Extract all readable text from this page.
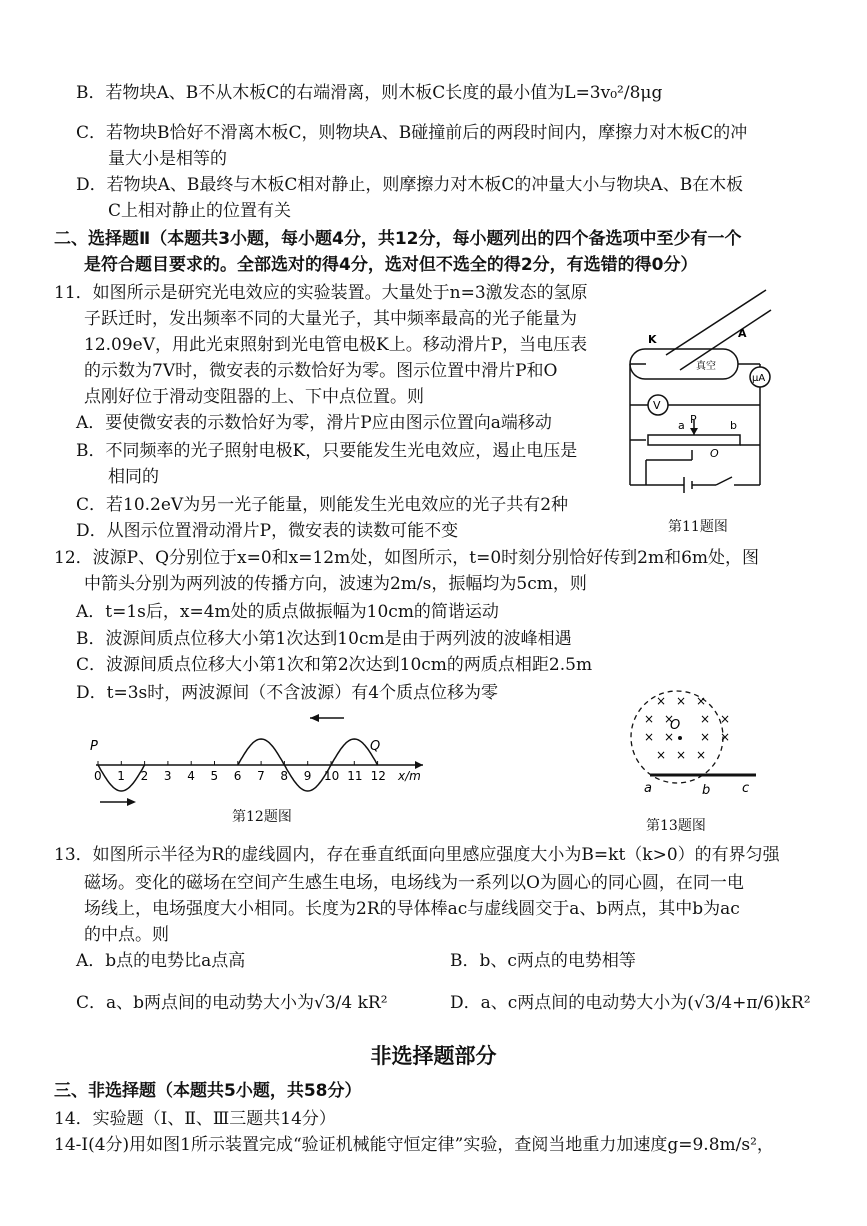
B．若物块A、B不从木板C的右端滑离，则木板C长度的最小值为L=3v₀²/8μg
C．若物块B恰好不滑离木板C，则物块A、B碰撞前后的两段时间内，摩擦力对木板C的冲
量大小是相等的
D．若物块A、B最终与木板C相对静止，则摩擦力对木板C的冲量大小与物块A、B在木板
C上相对静止的位置有关
二、选择题Ⅱ（本题共3小题，每小题4分，共12分，每小题列出的四个备选项中至少有一个
是符合题目要求的。全部选对的得4分，选对但不选全的得2分，有选错的得0分）
11．如图所示是研究光电效应的实验装置。大量处于n=3激发态的氢原
子跃迁时，发出频率不同的大量光子，其中频率最高的光子能量为
12.09eV，用此光束照射到光电管电极K上。移动滑片P，当电压表
的示数为7V时，微安表的示数恰好为零。图示位置中滑片P和O
点刚好位于滑动变阻器的上、下中点位置。则
A．要使微安表的示数恰好为零，滑片P应由图示位置向a端移动
B．不同频率的光子照射电极K，只要能发生光电效应，遏止电压是
相同的
C．若10.2eV为另一光子能量，则能发生光电效应的光子共有2种
D．从图示位置滑动滑片P，微安表的读数可能不变
K	A
真空
μA
V
a P	b
O
第11题图
12．波源P、Q分别位于x=0和x=12m处，如图所示，t=0时刻分别恰好传到2m和6m处，图
中箭头分别为两列波的传播方向，波速为2m/s，振幅均为5cm，则
A．t=1s后，x=4m处的质点做振幅为10cm的简谐运动
B．波源间质点位移大小第1次达到10cm是由于两列波的波峰相遇
C．波源间质点位移大小第1次和第2次达到10cm的两质点相距2.5m
D．t=3s时，两波源间（不含波源）有4个质点位移为零
0 1 2 3 4 5 6 7 8 9 10 11 12
P	Q
x/m
第12题图
× × ×
× × × ×
× × × ×
× × ×
O
a	b c
第13题图
13．如图所示半径为R的虚线圆内，存在垂直纸面向里感应强度大小为B=kt（k>0）的有界匀强
磁场。变化的磁场在空间产生感生电场，电场线为一系列以O为圆心的同心圆，在同一电
场线上，电场强度大小相同。长度为2R的导体棒ac与虚线圆交于a、b两点，其中b为ac
的中点。则
A．b点的电势比a点高	B．b、c两点的电势相等
C．a、b两点间的电动势大小为√3/4 kR²	D．a、c两点间的电动势大小为(√3/4+π/6)kR²
非选择题部分
三、非选择题（本题共5小题，共58分）
14．实验题（Ⅰ、Ⅱ、Ⅲ三题共14分）
14-Ⅰ(4分)用如图1所示装置完成“验证机械能守恒定律”实验，查阅当地重力加速度g=9.8m/s²，
